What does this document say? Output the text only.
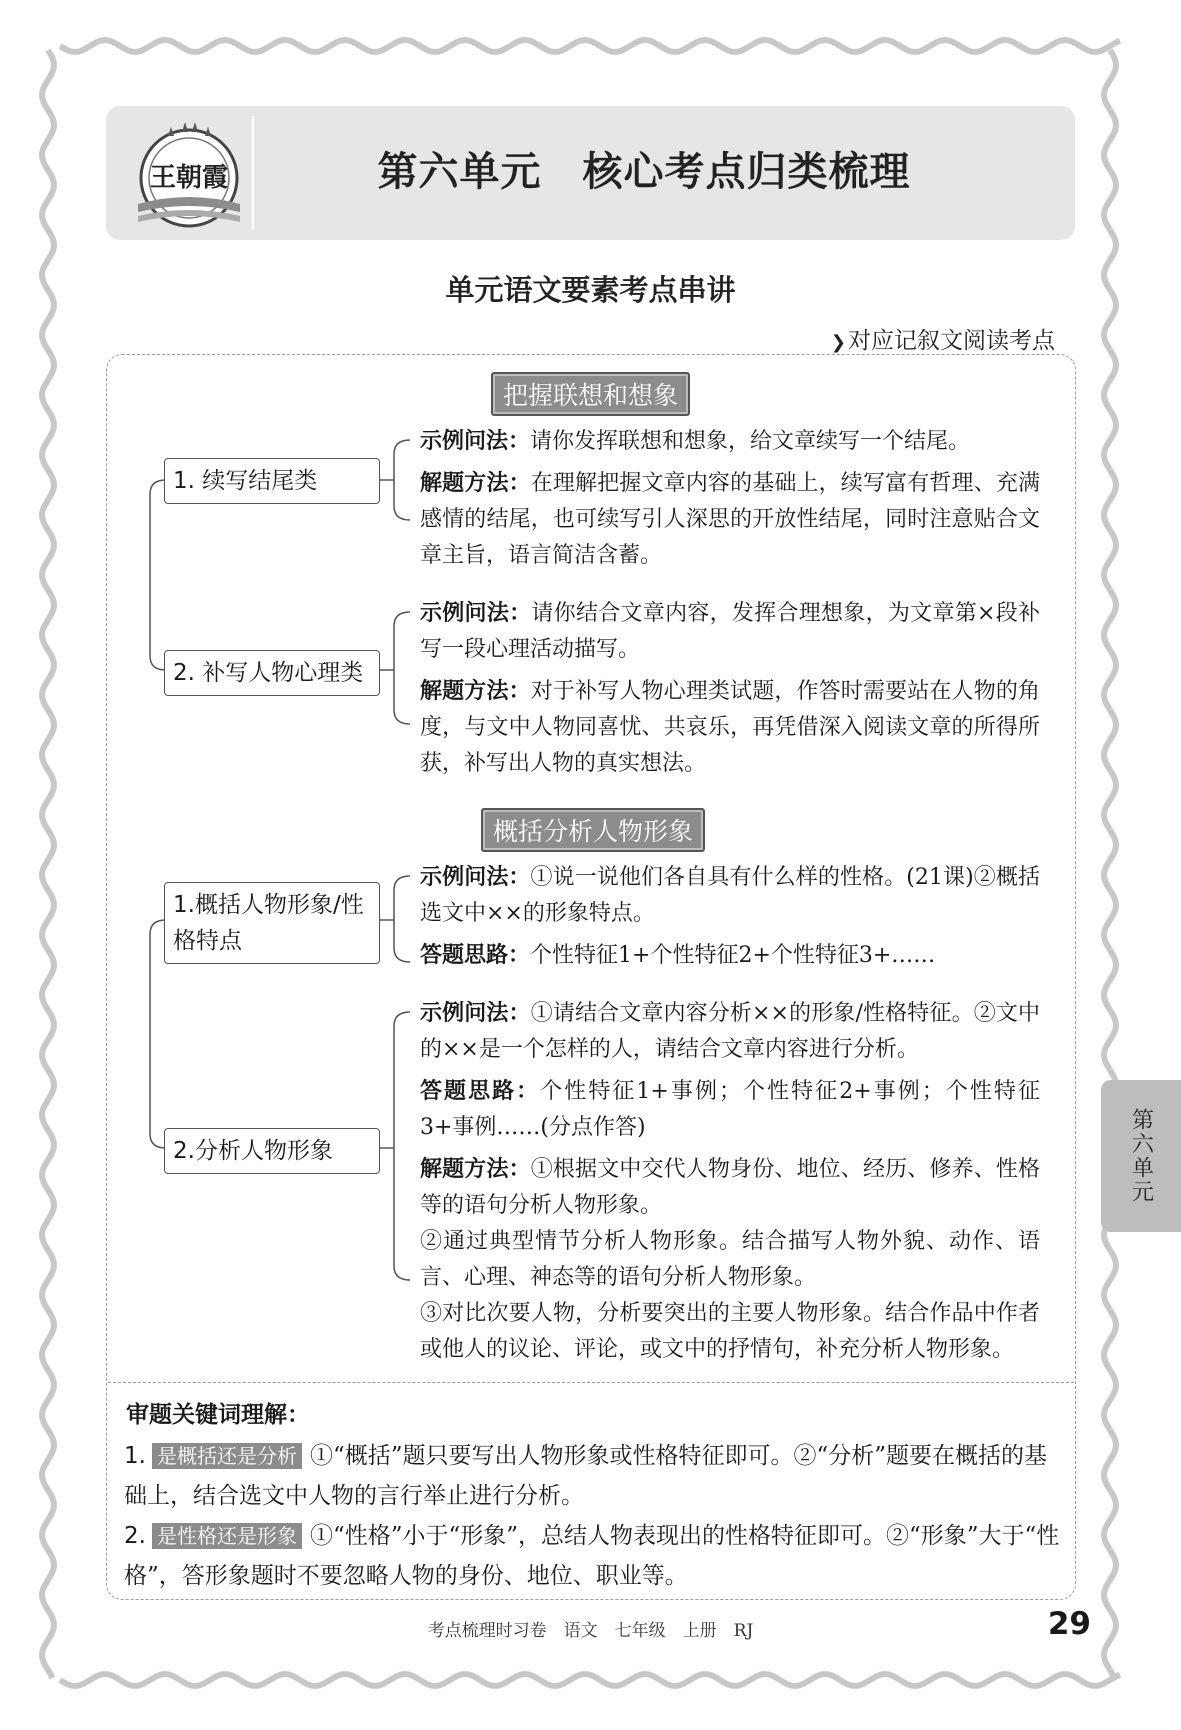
王朝霞	第六单元　核心考点归类梳理
单元语文要素考点串讲
❯对应记叙文阅读考点
把握联想和想象
1. 续写结尾类
2. 补写人物心理类
示例问法：请你发挥联想和想象，给文章续写一个结尾。
解题方法：在理解把握文章内容的基础上，续写富有哲理、充满感情的结尾，也可续写引人深思的开放性结尾，同时注意贴合文章主旨，语言简洁含蓄。
示例问法：请你结合文章内容，发挥合理想象，为文章第×段补写一段心理活动描写。
解题方法：对于补写人物心理类试题，作答时需要站在人物的角度，与文中人物同喜忧、共哀乐，再凭借深入阅读文章的所得所获，补写出人物的真实想法。
概括分析人物形象
1.概括人物形象/性格特点
2.分析人物形象
示例问法：①说一说他们各自具有什么样的性格。(21课)②概括选文中××的形象特点。
答题思路：个性特征1+个性特征2+个性特征3+……
示例问法：①请结合文章内容分析××的形象/性格特征。②文中的××是一个怎样的人，请结合文章内容进行分析。
答题思路：个性特征1+事例；个性特征2+事例；个性特征3+事例……(分点作答)
解题方法：①根据文中交代人物身份、地位、经历、修养、性格等的语句分析人物形象。
②通过典型情节分析人物形象。结合描写人物外貌、动作、语言、心理、神态等的语句分析人物形象。
③对比次要人物，分析要突出的主要人物形象。结合作品中作者或他人的议论、评论，或文中的抒情句，补充分析人物形象。
审题关键词理解：
1. 是概括还是分析 ①“概括”题只要写出人物形象或性格特征即可。②“分析”题要在概括的基础上，结合选文中人物的言行举止进行分析。
2. 是性格还是形象 ①“性格”小于“形象”，总结人物表现出的性格特征即可。②“形象”大于“性格”，答形象题时不要忽略人物的身份、地位、职业等。
第六单元
考点梳理时习卷　语文　七年级　上册　RJ	29
